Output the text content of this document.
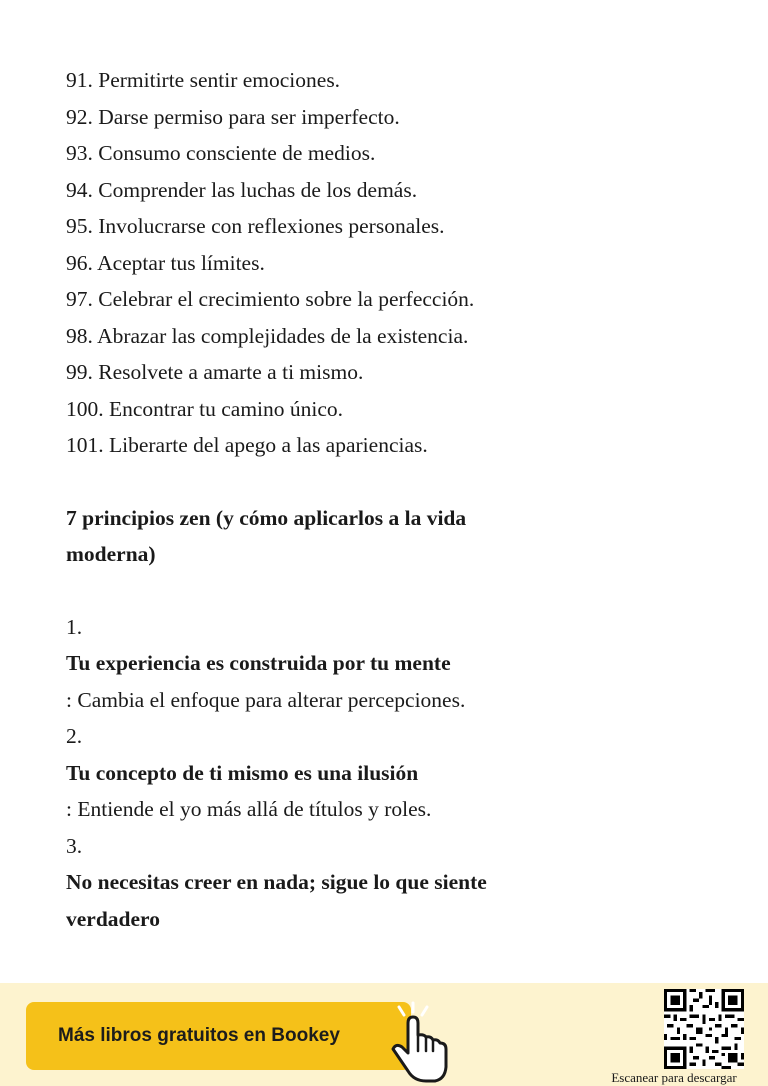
91. Permitirte sentir emociones.
92. Darse permiso para ser imperfecto.
93. Consumo consciente de medios.
94. Comprender las luchas de los demás.
95. Involucrarse con reflexiones personales.
96. Aceptar tus límites.
97. Celebrar el crecimiento sobre la perfección.
98. Abrazar las complejidades de la existencia.
99. Resolvete a amarte a ti mismo.
100. Encontrar tu camino único.
101. Liberarte del apego a las apariencias.
7 principios zen (y cómo aplicarlos a la vida
moderna)
1.
Tu experiencia es construida por tu mente
: Cambia el enfoque para alterar percepciones.
2.
Tu concepto de ti mismo es una ilusión
: Entiende el yo más allá de títulos y roles.
3.
No necesitas creer en nada; sigue lo que siente
verdadero
Más libros gratuitos en Bookey
Escanear para descargar
